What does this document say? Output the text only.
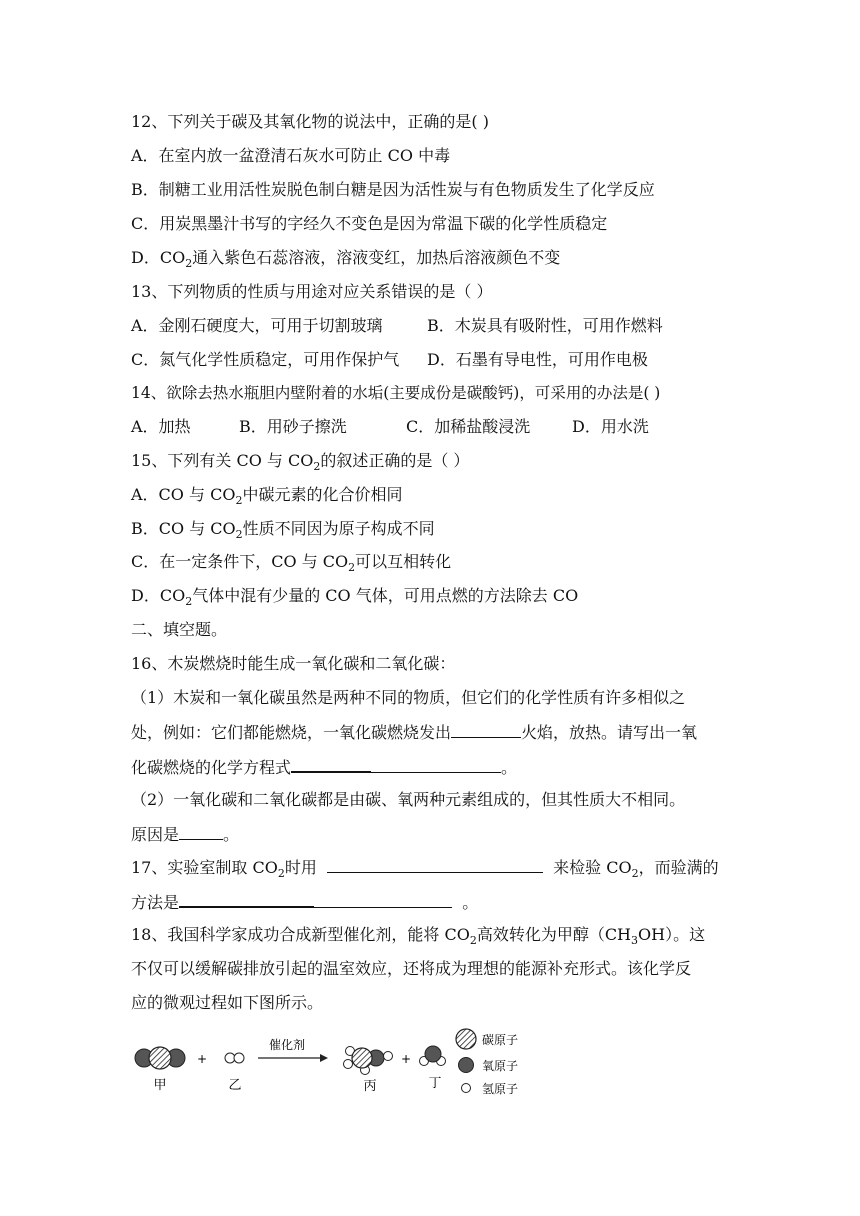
12、下列关于碳及其氧化物的说法中，正确的是( )
A．在室内放一盆澄清石灰水可防止 CO 中毒
B．制糖工业用活性炭脱色制白糖是因为活性炭与有色物质发生了化学反应
C．用炭黑墨汁书写的字经久不变色是因为常温下碳的化学性质稳定
D．$CO_2$通入紫色石蕊溶液，溶液变红，加热后溶液颜色不变
13、下列物质的性质与用途对应关系错误的是（ ）
A．金刚石硬度大，可用于切割玻璃	B．木炭具有吸附性，可用作燃料
C．氮气化学性质稳定，可用作保护气 D．石墨有导电性，可用作电极
14、欲除去热水瓶胆内壁附着的水垢(主要成份是碳酸钙)，可采用的办法是( )
A．加热	B．用砂子擦洗	C．加稀盐酸浸洗	D．用水洗
15、下列有关 CO 与 $CO_2$的叙述正确的是（ ）
A．CO 与 $CO_2$中碳元素的化合价相同
B．CO 与 $CO_2$性质不同因为原子构成不同
C．在一定条件下，CO 与 $CO_2$可以互相转化
D．$CO_2$气体中混有少量的 CO 气体，可用点燃的方法除去 CO
二、填空题。
16、木炭燃烧时能生成一氧化碳和二氧化碳：
（1）木炭和一氧化碳虽然是两种不同的物质，但它们的化学性质有许多相似之
处，例如：它们都能燃烧，一氧化碳燃烧发出	火焰，放热。请写出一氧
化碳燃烧的化学方程式	。
（2）一氧化碳和二氧化碳都是由碳、氧两种元素组成的，但其性质大不相同。
原因是	。
17、实验室制取 $CO_2$时用	来检验 $CO_2$，而验满的
方法是	。
18、我国科学家成功合成新型催化剂，能将 $CO_2$高效转化为甲醇$(CH_3OH)$。这
不仅可以缓解碳排放引起的温室效应，还将成为理想的能源补充形式。该化学反
应的微观过程如下图所示。
甲
+
乙
催化剂
丙
+
丁
碳原子
氧原子
氢原子
